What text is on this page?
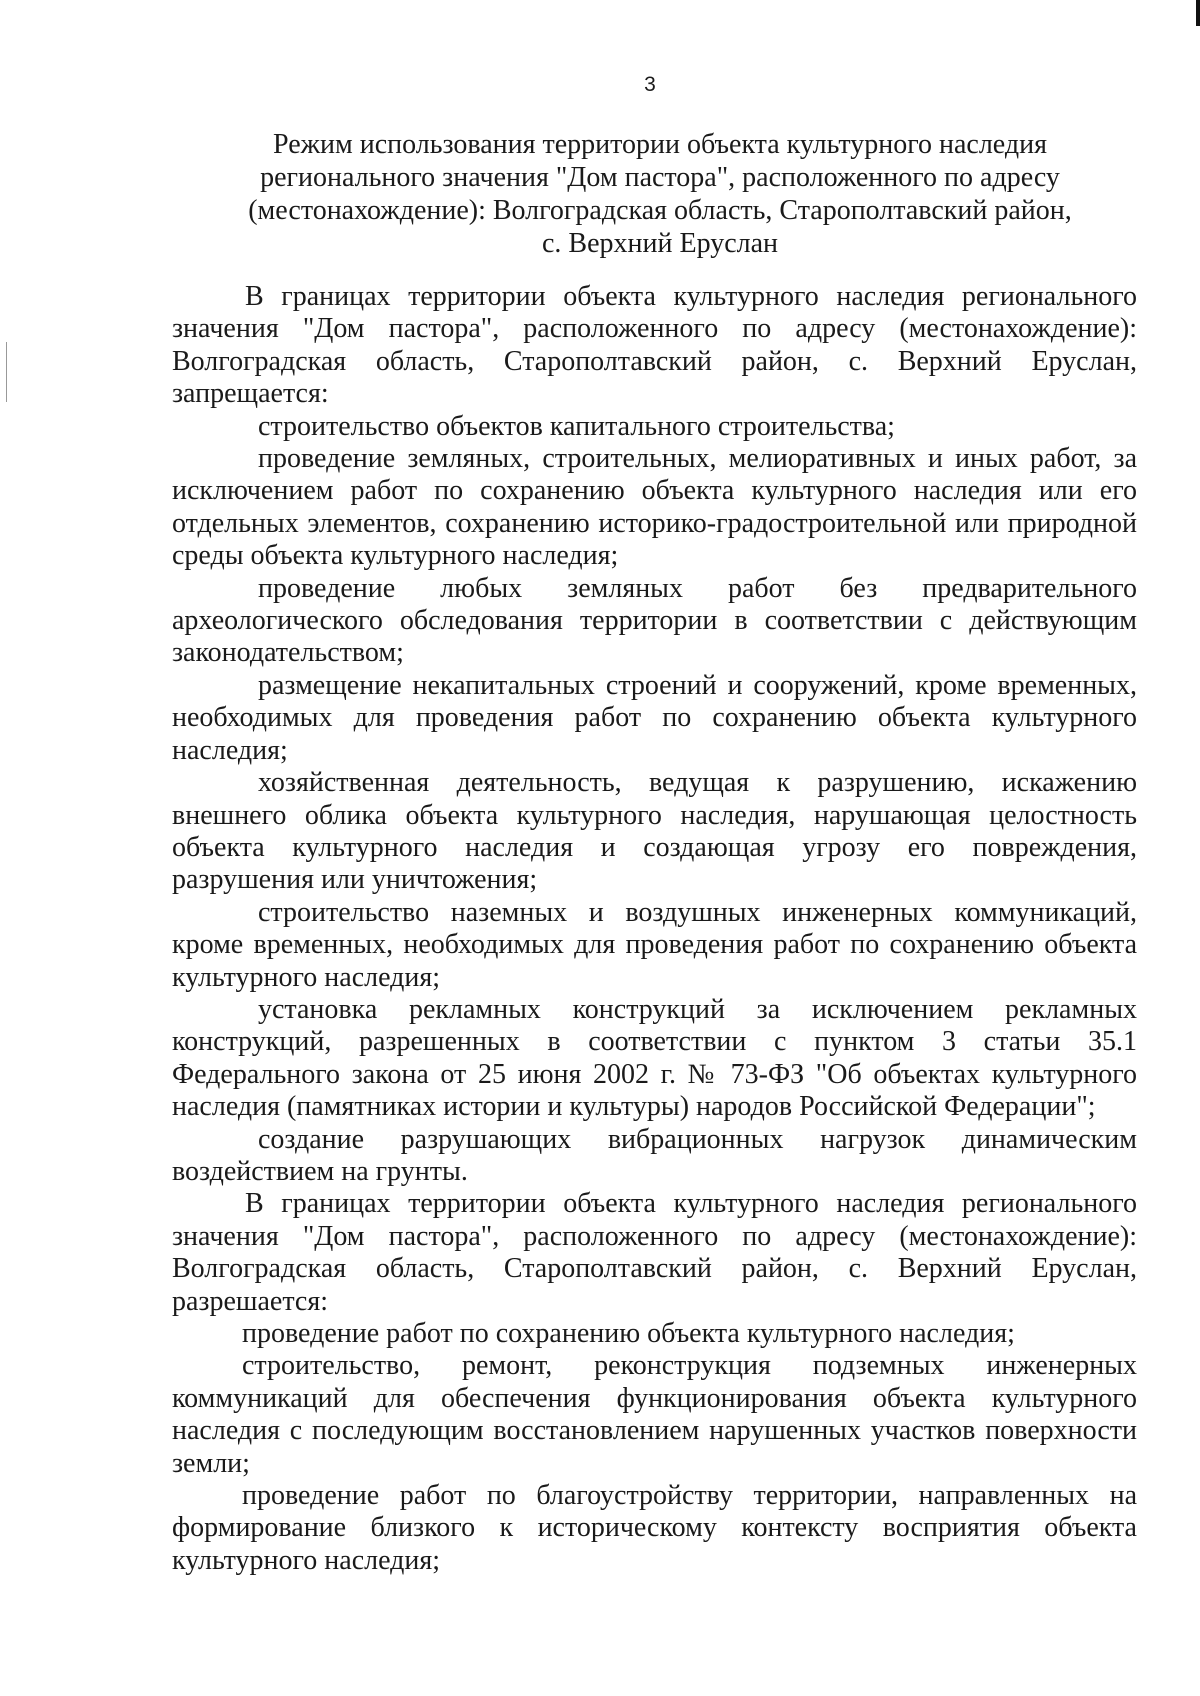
3
Режим использования территории объекта культурного наследия
регионального значения "Дом пастора", расположенного по адресу
(местонахождение): Волгоградская область, Старополтавский район,
с. Верхний Еруслан

В границах территории объекта культурного наследия регионального значения "Дом пастора", расположенного по адресу (местонахождение): Волгоградская область, Старополтавский район, с. Верхний Еруслан, запрещается:

строительство объектов капитального строительства;

проведение земляных, строительных, мелиоративных и иных работ, за исключением работ по сохранению объекта культурного наследия или его отдельных элементов, сохранению историко-градостроительной или природной среды объекта культурного наследия;

проведение любых земляных работ без предварительного археологического обследования территории в соответствии с действующим законодательством;

размещение некапитальных строений и сооружений, кроме временных, необходимых для проведения работ по сохранению объекта культурного наследия;

хозяйственная деятельность, ведущая к разрушению, искажению внешнего облика объекта культурного наследия, нарушающая целостность объекта культурного наследия и создающая угрозу его повреждения, разрушения или уничтожения;

строительство наземных и воздушных инженерных коммуникаций, кроме временных, необходимых для проведения работ по сохранению объекта культурного наследия;

установка рекламных конструкций за исключением рекламных конструкций, разрешенных в соответствии с пунктом 3 статьи 35.1 Федерального закона от 25 июня 2002 г. № 73-ФЗ "Об объектах культурного наследия (памятниках истории и культуры) народов Российской Федерации";

создание разрушающих вибрационных нагрузок динамическим воздействием на грунты.

В границах территории объекта культурного наследия регионального значения "Дом пастора", расположенного по адресу (местонахождение): Волгоградская область, Старополтавский район, с. Верхний Еруслан, разрешается:

проведение работ по сохранению объекта культурного наследия;

строительство, ремонт, реконструкция подземных инженерных коммуникаций для обеспечения функционирования объекта культурного наследия с последующим восстановлением нарушенных участков поверхности земли;

проведение работ по благоустройству территории, направленных на формирование близкого к историческому контексту восприятия объекта культурного наследия;
